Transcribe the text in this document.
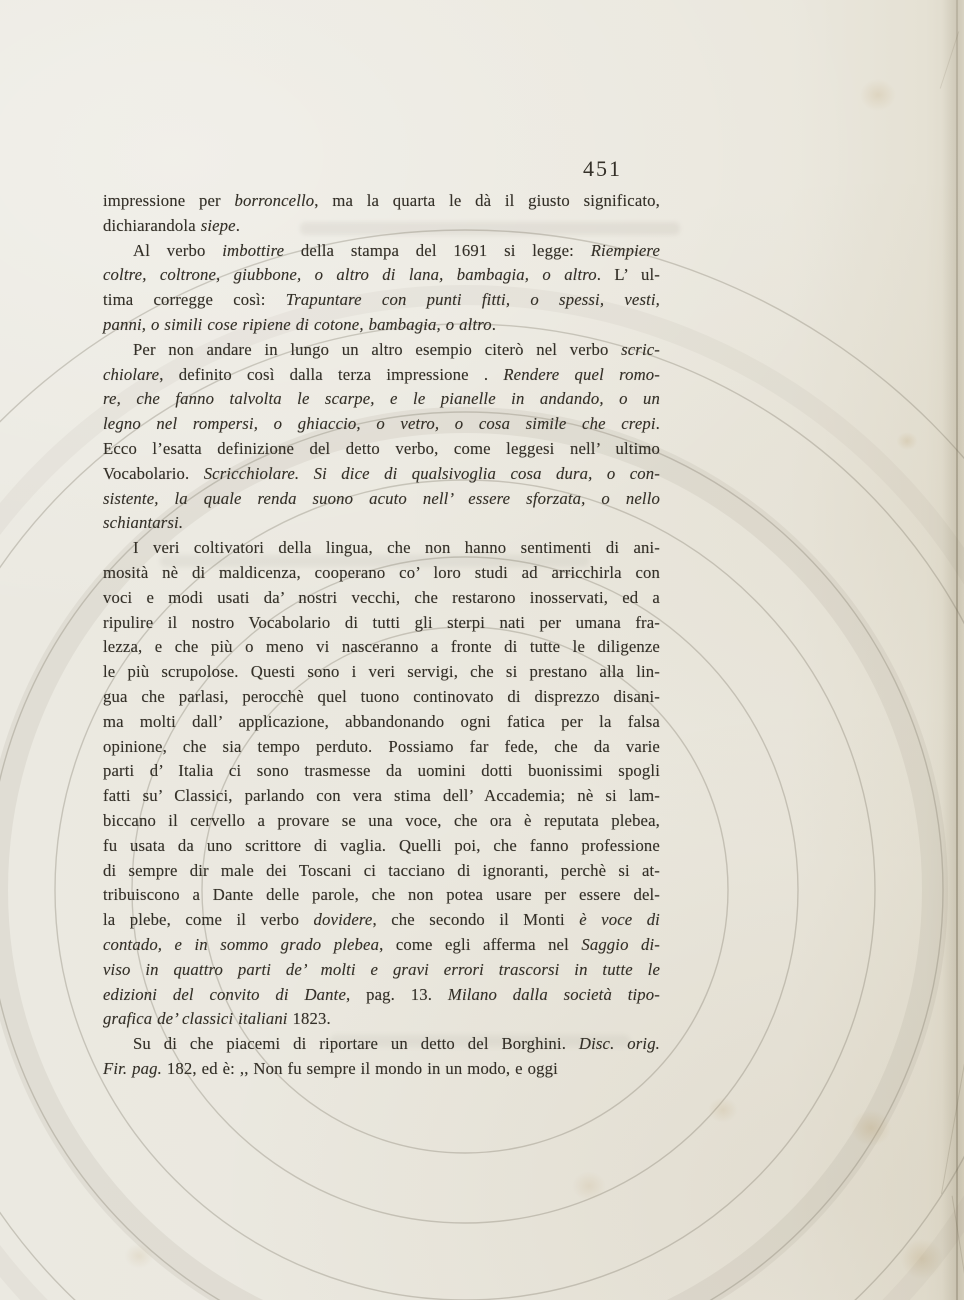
451
impressione per borroncello, ma la quarta le dà il giusto significato,
dichiarandola siepe.
Al verbo imbottire della stampa del 1691 si legge: Riempiere
coltre, coltrone, giubbone, o altro di lana, bambagia, o altro. L’ ul-
tima corregge così: Trapuntare con punti fitti, o spessi, vesti,
panni, o simili cose ripiene di cotone, bambagia, o altro.
Per non andare in lungo un altro esempio citerò nel verbo scric-
chiolare, definito così dalla terza impressione . Rendere quel romo-
re, che fanno talvolta le scarpe, e le pianelle in andando, o un
legno nel rompersi, o ghiaccio, o vetro, o cosa simile che crepi.
Ecco l’esatta definizione del detto verbo, come leggesi nell’ ultimo
Vocabolario. Scricchiolare. Si dice di qualsivoglia cosa dura, o con-
sistente, la quale renda suono acuto nell’ essere sforzata, o nello
schiantarsi.
I veri coltivatori della lingua, che non hanno sentimenti di ani-
mosità nè di maldicenza, cooperano co’ loro studi ad arricchirla con
voci e modi usati da’ nostri vecchi, che restarono inosservati, ed a
ripulire il nostro Vocabolario di tutti gli sterpi nati per umana fra-
lezza, e che più o meno vi nasceranno a fronte di tutte le diligenze
le più scrupolose. Questi sono i veri servigi, che si prestano alla lin-
gua che parlasi, perocchè quel tuono continovato di disprezzo disani-
ma molti dall’ applicazione, abbandonando ogni fatica per la falsa
opinione, che sia tempo perduto. Possiamo far fede, che da varie
parti d’ Italia ci sono trasmesse da uomini dotti buonissimi spogli
fatti su’ Classici, parlando con vera stima dell’ Accademia; nè si lam-
biccano il cervello a provare se una voce, che ora è reputata plebea,
fu usata da uno scrittore di vaglia. Quelli poi, che fanno professione
di sempre dir male dei Toscani ci tacciano di ignoranti, perchè si at-
tribuiscono a Dante delle parole, che non potea usare per essere del-
la plebe, come il verbo dovidere, che secondo il Monti è voce di
contado, e in sommo grado plebea, come egli afferma nel Saggio di-
viso in quattro parti de’ molti e gravi errori trascorsi in tutte le
edizioni del convito di Dante, pag. 13. Milano dalla società tipo-
grafica de’ classici italiani 1823.
Su di che piacemi di riportare un detto del Borghini. Disc. orig.
Fir. pag. 182, ed è: ,, Non fu sempre il mondo in un modo, e oggi
